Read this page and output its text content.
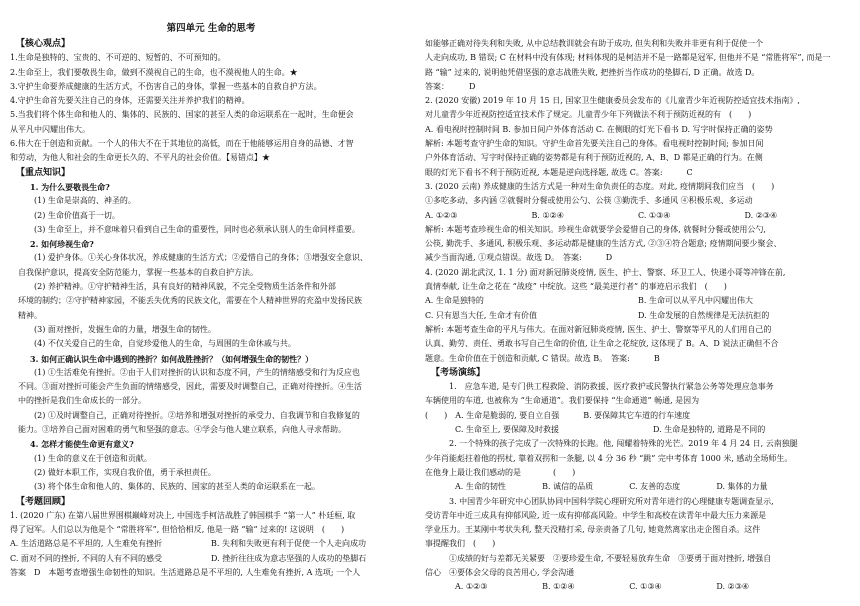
第四单元 生命的思考
【核心观点】
1.生命是独特的、宝贵的、不可逆的、短暂的、不可预知的。
2.生命至上，我们要敬畏生命，做到不漠视自己的生命，也不漠视他人的生命。★
3.守护生命要养成健康的生活方式，不伤害自己的身体，掌握一些基本的自救自护方法。
4.守护生命首先要关注自己的身体，还需要关注并养护我们的精神。
5.当我们将个体生命和他人的、集体的、民族的、国家的甚至人类的命运联系在一起时，生命便会
从平凡中闪耀出伟大。
6.伟大在于创造和贡献。一个人的伟大不在于其地位的高低，而在于他能够运用自身的品德、才智
和劳动，为他人和社会的生命更长久的、不平凡的社会价值。【易错点】★
【重点知识】
1. 为什么要敬畏生命?
(1) 生命是崇高的、神圣的。
(2) 生命价值高于一切。
(3) 生命至上，并不意味着只看到自己生命的重要性，同时也必须承认别人的生命同样重要。
2. 如何珍视生命?
(1) 爱护身体。①关心身体状况，养成健康的生活方式；②爱惜自己的身体；③增强安全意识、
自我保护意识，提高安全防范能力，掌握一些基本的自救自护方法。
(2) 养护精神。①守护精神生活，具有良好的精神风貌，不完全受物质生活条件和外部
环境的制约；②守护精神家园，不能丢失优秀的民族文化，需要在个人精神世界的充盈中发扬民族
精神。
(3) 面对挫折，发掘生命的力量，增强生命的韧性。
(4) 不仅关爱自己的生命，自觉珍爱他人的生命，与周围的生命休戚与共。
3. 如何正确认识生命中遇到的挫折？如何战胜挫折？（如何增强生命的韧性？）
(1) ①生活难免有挫折。②由于人们对挫折的认识和态度不同，产生的情绪感受和行为反应也
不同。③面对挫折可能会产生负面的情绪感受，因此，需要及时调整自己，正确对待挫折。④生活
中的挫折是我们生命成长的一部分。
(2) ①及时调整自己，正确对待挫折。②培养和增强对挫折的承受力、自我调节和自我修复的
能力。③培养自己面对困难的勇气和坚强的意志。④学会与他人建立联系，向他人寻求帮助。
4. 怎样才能使生命更有意义?
(1) 生命的意义在于创造和贡献。
(2) 做好本职工作，实现自我价值，勇于承担责任。
(3) 将个体生命和他人的、集体的、民族的、国家的甚至人类的命运联系在一起。
【考题回顾】
1. (2020 广东) 在第八届世界围棋巅峰对决上, 中国选手柯洁战胜了韩国棋手 “第一人” 朴廷桓, 取
得了冠军。人们总以为他是个 “常胜将军”, 但恰恰相反, 他是一路 “输” 过来的! 这说明　(　　)
A. 生活道路总是不平坦的, 人生难免有挫折	B. 失利和失败更有利于促使一个人走向成功
C. 面对不同的挫折, 不同的人有不同的感受	D. 挫折往往成为意志坚强的人成功的垫脚石
答案　D　本题考查增强生命韧性的知识。生活道路总是不平坦的, 人生难免有挫折, A 选项; 一个人
如能够正确对待失利和失败, 从中总结教训就会有助于成功, 但失利和失败并非更有利于促使一个
人走向成功, B 错误; C 在材料中没有体现; 材料体现的是柯洁并不是一路都是冠军, 但他并不是 “常胜将军”, 而是一
路 “输” 过来的, 说明他凭借坚强的意志战胜失败, 把挫折当作成功的垫脚石, D 正确。故选 D。
答案：　　　D
2. (2020 安徽) 2019 年 10 月 15 日, 国家卫生健康委员会发布的《儿童青少年近视防控适宜技术指南》,
对儿童青少年近视防控适宜技术作了规定。儿童青少年下列做法不利于预防近视的有　(　　)
A. 看电视时控制时间 B. 参加日间户外体育活动 C. 在侧眼的灯光下看书 D. 写字时保持正确的姿势
解析: 本题考查守护生命的知识。守护生命首先要关注自己的身体。看电视时控制时间; 参加日间
户外体育活动、写字时保持正确的姿势都是有利于预防近视的, A、B、D 都是正确的行为。在侧
眼的灯光下看书不利于预防近视, 本题是逆向选择题, 故选 C。答案:　　　C
3. (2020 云南) 养成健康的生活方式是一种对生命负责任的态度。对此, 疫情期间我们应当　(　　)
①多吃多动、多内涵 ②就餐时分餐或使用公勺、公筷 ③勤洗手、多通风 ④积极乐观、多运动
A. ①②③	B. ①②④	C. ①③④	D. ②③④
解析: 本题考查珍视生命的相关知识。珍视生命就要学会爱惜自己的身体, 就餐时分餐或使用公勺,
公筷, 勤洗手、多通风, 积极乐观、多运动都是健康的生活方式, ②③④符合题意; 疫情期间要少聚会、
减少当面沟通, ①观点错误。故选 D。　答案:　　　D
4. (2020 湖北武汉, 1. 1 分) 面对新冠肺炎疫情, 医生、护士、警察、环卫工人、快递小哥等冲锋在前,
真情奉献, 让生命之花在 “战疫” 中绽放。这些 “最美逆行者” 的事迹启示我们　(　　)
A. 生命是独特的	B. 生命可以从平凡中闪耀出伟大
C. 只有恩当大任, 生命才有价值	D. 生命发展的自然规律是无法抗拒的
解析: 本题考查生命的平凡与伟大。在面对新冠肺炎疫情, 医生、护士、警察等平凡的人们用自己的
认真、勤劳、责任、勇敢书写自己生命的价值, 让生命之花绽放, 这体现了 B。A、D 说法正确但不合
题意。生命价值在于创造和贡献, C 错误。故选 B。　答案:　　　B
【考场演练】
1.　应急车道, 是专门供工程救险、消防救援、医疗救护或民警执行紧急公务等处理应急事务
车辆使用的车道, 也被称为 “生命通道”。我们要保持 “生命通道” 畅通, 是因为
(　　)　A. 生命是脆弱的, 要自立自强　　　B. 要保障其它车道的行车速度
C. 生命至上, 要保障及时救援	D. 生命是独特的, 道路是不同的
2. 一个特殊的孩子完成了一次特殊的长跑。他, 闯耀着特殊的光芒。2019 年 4 月 24 日, 云南独腿
少年肖能彪拄着他的拐杖, 靠着双拐和一条腿, 以 4 分 36 秒 “跳” 完中考体育 1000 米, 感动全场师生。
在他身上最让我们感动的是　　　　(　　)
A. 生命的韧性	B. 诚信的品质	C. 友善的态度	D. 集体的力量
3. 中国青少年研究中心团队协同中国科学院心理研究所对青年进行的心理健康专题调查显示,
受访青年中近三成具有抑郁风险, 近一成有抑郁高风险。中学生和高校在读青年中最大压力来源是
学业压力。王某刚中考状失利, 整天没精打采, 母亲责备了几句, 她竟然离家出走企图自杀。这件
事提醒我们　(　　)
①成绩的好与差都无关紧要　②要珍爱生命, 不要轻易放弃生命　③要勇于面对挫折, 增强自
信心　④要体会父母的良苦用心, 学会沟通
A. ①②③	B. ①②④	C. ①③④	D. ②③④
